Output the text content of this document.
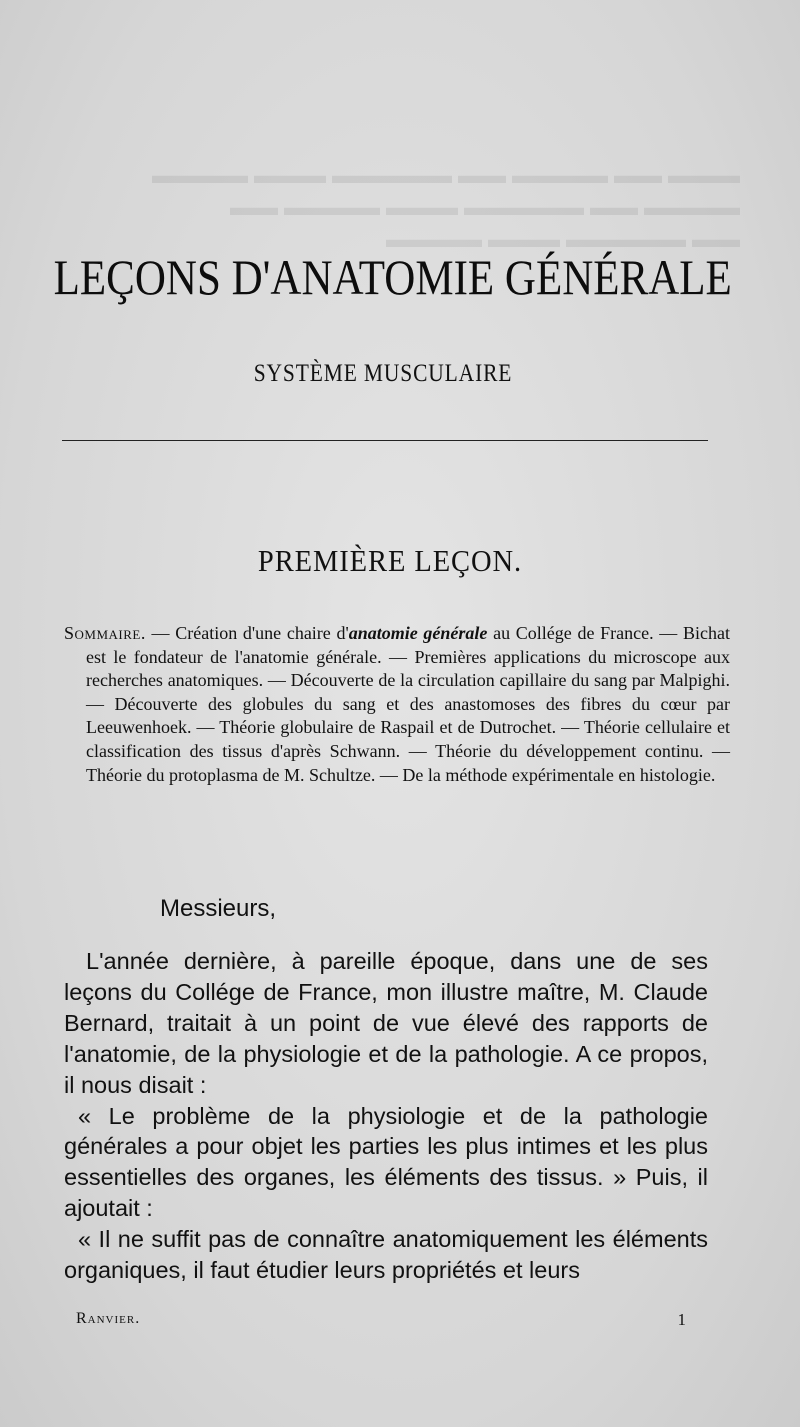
▬▬▬ ▬▬ ▬▬▬▬ ▬▬ ▬▬▬▬▬ ▬▬▬ ▬▬▬▬
▬▬▬▬ ▬▬ ▬▬▬▬▬ ▬▬▬ ▬▬▬▬ ▬▬
▬▬ ▬▬▬▬▬ ▬▬▬ ▬▬▬▬
LEÇONS D'ANATOMIE GÉNÉRALE
SYSTÈME MUSCULAIRE
PREMIÈRE LEÇON.
Sommaire. — Création d'une chaire d'anatomie générale au Collége de France. — Bichat est le fondateur de l'anatomie générale. — Premières applications du microscope aux recherches anatomiques. — Découverte de la circulation capillaire du sang par Malpighi. — Découverte des globules du sang et des anastomoses des fibres du cœur par Leeuwenhoek. — Théorie globulaire de Raspail et de Dutrochet. — Théorie cellulaire et classification des tissus d'après Schwann. — Théorie du développement continu. — Théorie du protoplasma de M. Schultze. — De la méthode expérimentale en histologie.
Messieurs,

L'année dernière, à pareille époque, dans une de ses leçons du Collége de France, mon illustre maître, M. Claude Bernard, traitait à un point de vue élevé des rapports de l'anatomie, de la physiologie et de la pathologie. A ce propos, il nous disait :

« Le problème de la physiologie et de la pathologie générales a pour objet les parties les plus intimes et les plus essentielles des organes, les éléments des tissus. » Puis, il ajoutait :

« Il ne suffit pas de connaître anatomiquement les éléments organiques, il faut étudier leurs propriétés et leurs

Ranvier.	1
